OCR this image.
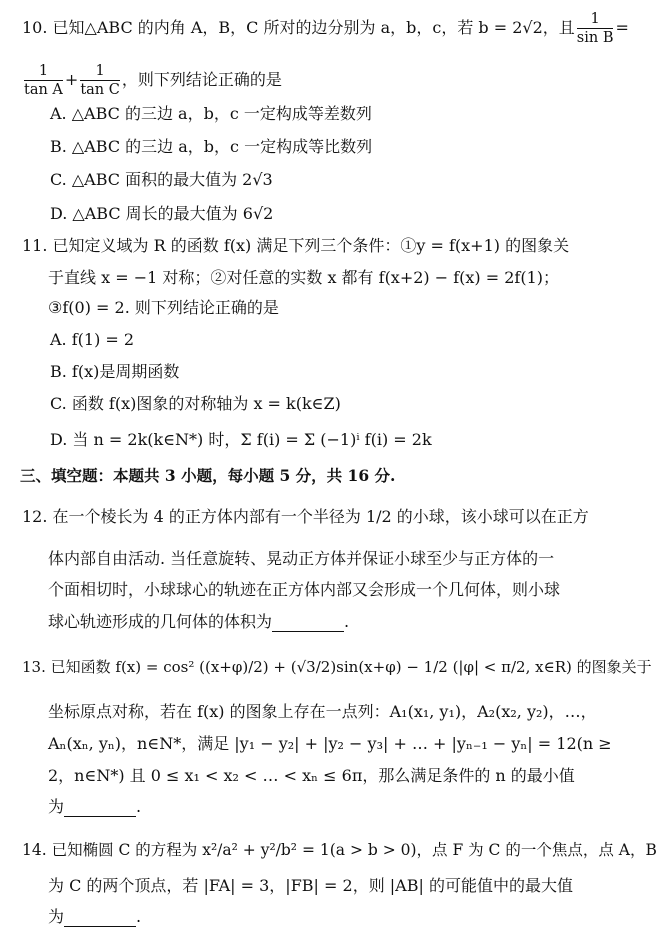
10. 已知△ABC 的内角 A，B，C 所对的边分别为 a，b，c，若 b = 2√2，且 $\frac{1}{\text{sin B}}$ =
$\frac{1}{\text{tan A}} + \frac{1}{\text{tan C}}$ ，则下列结论正确的是
A. △ABC 的三边 a，b，c 一定构成等差数列
B. △ABC 的三边 a，b，c 一定构成等比数列
C. △ABC 面积的最大值为 2√3
D. △ABC 周长的最大值为 6√2
11. 已知定义域为 R 的函数 f(x) 满足下列三个条件：①y = f(x+1) 的图象关
于直线 x = −1 对称；②对任意的实数 x 都有 f(x+2) − f(x) = 2f(1)；
③f(0) = 2. 则下列结论正确的是
A. f(1) = 2
B. f(x)是周期函数
C. 函数 f(x)图象的对称轴为 x = k(k∈Z)
D. 当 n = 2k(k∈N*) 时，Σ f(i) = Σ (−1)ⁱ f(i) = 2k
三、填空题：本题共 3 小题，每小题 5 分，共 16 分.
12. 在一个棱长为 4 的正方体内部有一个半径为 1/2 的小球，该小球可以在正方
体内部自由活动. 当任意旋转、晃动正方体并保证小球至少与正方体的一
个面相切时，小球球心的轨迹在正方体内部又会形成一个几何体，则小球
球心轨迹形成的几何体的体积为	.
13. 已知函数 f(x) = cos² ((x+φ)/2) + (√3/2)sin(x+φ) − 1/2 (|φ| < π/2, x∈R) 的图象关于
坐标原点对称，若在 f(x) 的图象上存在一点列：A₁(x₁, y₁)，A₂(x₂, y₂)，…，
Aₙ(xₙ, yₙ)，n∈N*，满足 |y₁ − y₂| + |y₂ − y₃| + … + |yₙ₋₁ − yₙ| = 12(n ≥
2，n∈N*) 且 0 ≤ x₁ < x₂ < … < xₙ ≤ 6π，那么满足条件的 n 的最小值
为	.
14. 已知椭圆 C 的方程为 x²/a² + y²/b² = 1(a > b > 0)，点 F 为 C 的一个焦点，点 A，B
为 C 的两个顶点，若 |FA| = 3，|FB| = 2，则 |AB| 的可能值中的最大值
为	.
